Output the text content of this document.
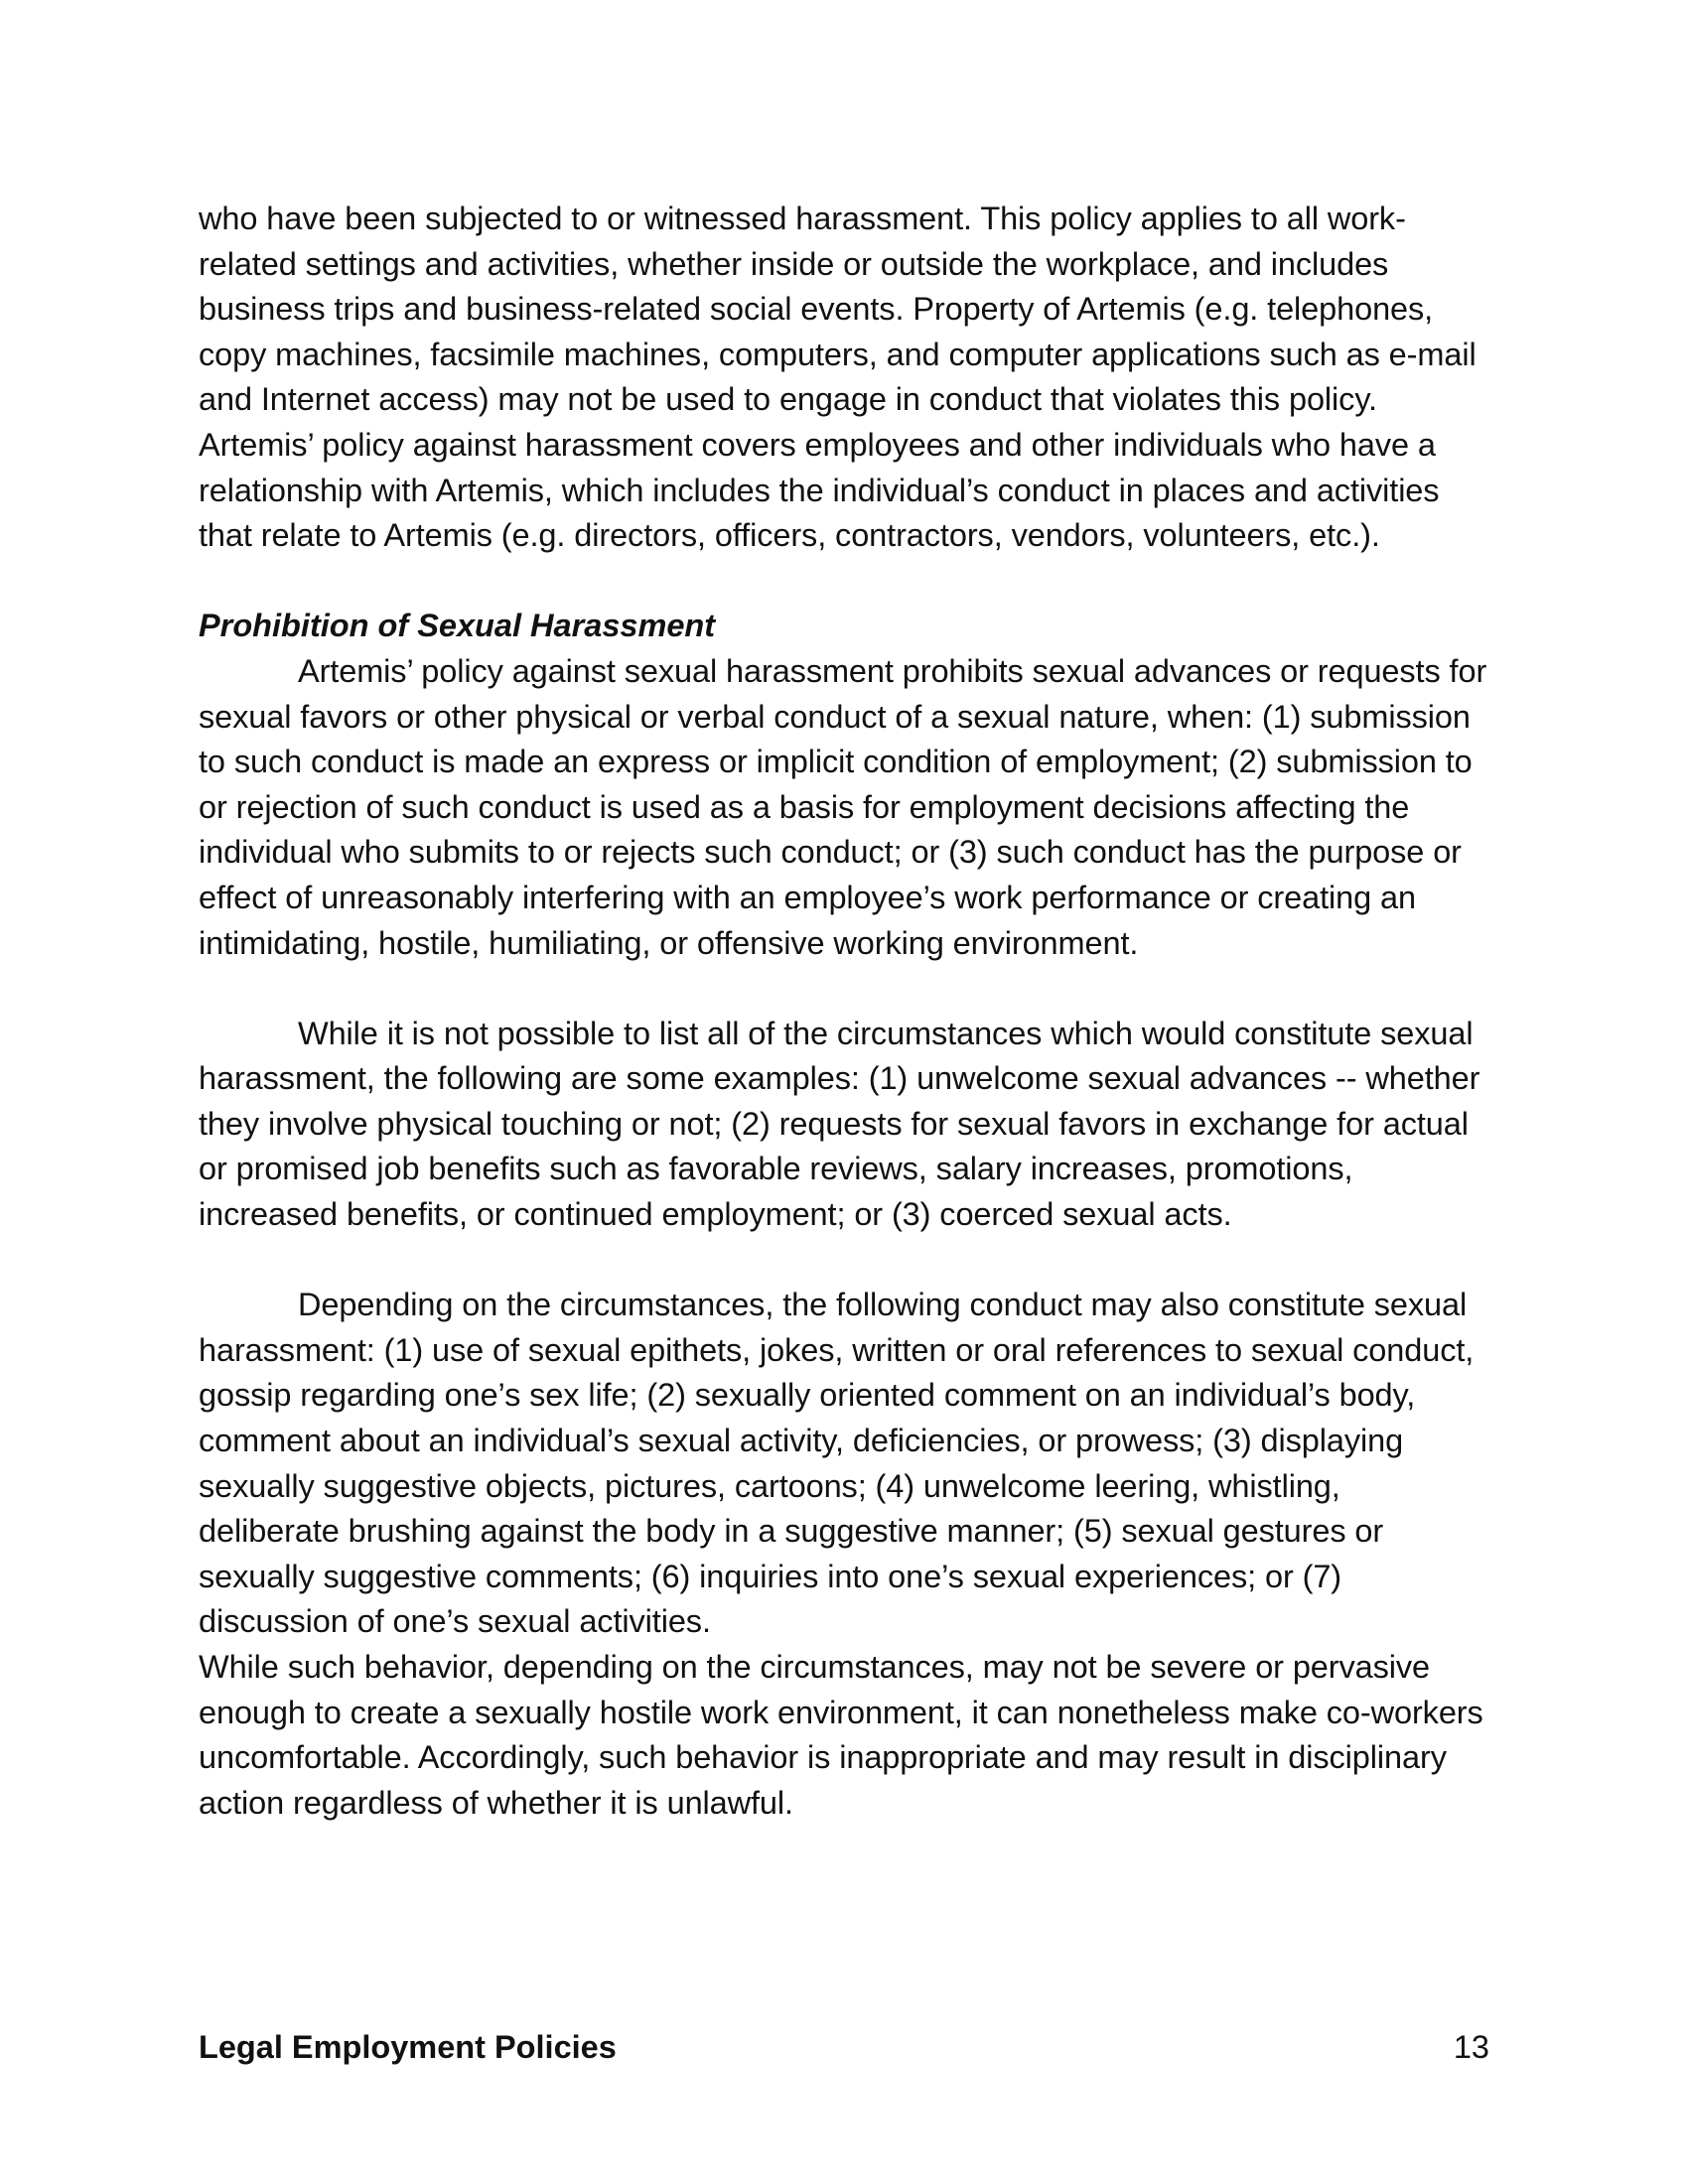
who have been subjected to or witnessed harassment. This policy applies to all work-related settings and activities, whether inside or outside the workplace, and includes business trips and business-related social events. Property of Artemis (e.g. telephones, copy machines, facsimile machines, computers, and computer applications such as e-mail and Internet access) may not be used to engage in conduct that violates this policy. Artemis’ policy against harassment covers employees and other individuals who have a relationship with Artemis, which includes the individual’s conduct in places and activities that relate to Artemis (e.g. directors, officers, contractors, vendors, volunteers, etc.).

Prohibition of Sexual Harassment

Artemis’ policy against sexual harassment prohibits sexual advances or requests for sexual favors or other physical or verbal conduct of a sexual nature, when: (1) submission to such conduct is made an express or implicit condition of employment; (2) submission to or rejection of such conduct is used as a basis for employment decisions affecting the individual who submits to or rejects such conduct; or (3) such conduct has the purpose or effect of unreasonably interfering with an employee’s work performance or creating an intimidating, hostile, humiliating, or offensive working environment.

While it is not possible to list all of the circumstances which would constitute sexual harassment, the following are some examples: (1) unwelcome sexual advances -- whether they involve physical touching or not; (2) requests for sexual favors in exchange for actual or promised job benefits such as favorable reviews, salary increases, promotions, increased benefits, or continued employment; or (3) coerced sexual acts.

Depending on the circumstances, the following conduct may also constitute sexual harassment: (1) use of sexual epithets, jokes, written or oral references to sexual conduct, gossip regarding one’s sex life; (2) sexually oriented comment on an individual’s body, comment about an individual’s sexual activity, deficiencies, or prowess; (3) displaying sexually suggestive objects, pictures, cartoons; (4) unwelcome leering, whistling, deliberate brushing against the body in a suggestive manner; (5) sexual gestures or sexually suggestive comments; (6) inquiries into one’s sexual experiences; or (7) discussion of one’s sexual activities.

While such behavior, depending on the circumstances, may not be severe or pervasive enough to create a sexually hostile work environment, it can nonetheless make co-workers uncomfortable. Accordingly, such behavior is inappropriate and may result in disciplinary action regardless of whether it is unlawful.

Legal Employment Policies	13
